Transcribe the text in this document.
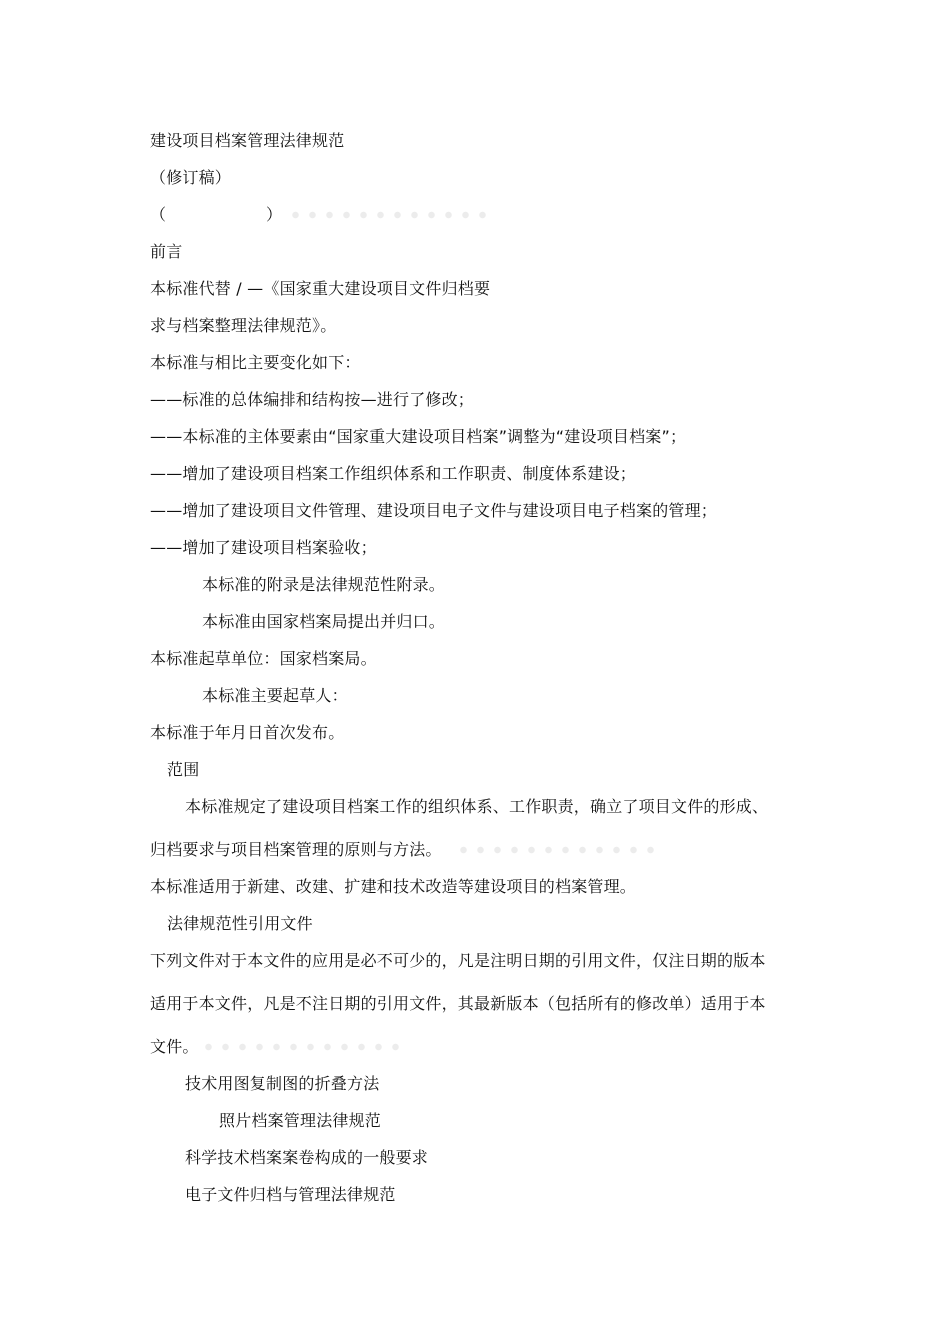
建设项目档案管理法律规范
（修订稿）
（	）
前言
本标准代替 / —《国家重大建设项目文件归档要
求与档案整理法律规范》。
本标准与相比主要变化如下：
——标准的总体编排和结构按—进行了修改；
——本标准的主体要素由“国家重大建设项目档案”调整为“建设项目档案”；
——增加了建设项目档案工作组织体系和工作职责、制度体系建设；
——增加了建设项目文件管理、建设项目电子文件与建设项目电子档案的管理；
——增加了建设项目档案验收；
本标准的附录是法律规范性附录。
本标准由国家档案局提出并归口。
本标准起草单位：国家档案局。
本标准主要起草人：
本标准于年月日首次发布。
范围
本标准规定了建设项目档案工作的组织体系、工作职责，确立了项目文件的形成、
归档要求与项目档案管理的原则与方法。
本标准适用于新建、改建、扩建和技术改造等建设项目的档案管理。
法律规范性引用文件
下列文件对于本文件的应用是必不可少的，凡是注明日期的引用文件，仅注日期的版本
适用于本文件，凡是不注日期的引用文件，其最新版本（包括所有的修改单）适用于本
文件。
技术用图复制图的折叠方法
照片档案管理法律规范
科学技术档案案卷构成的一般要求
电子文件归档与管理法律规范
